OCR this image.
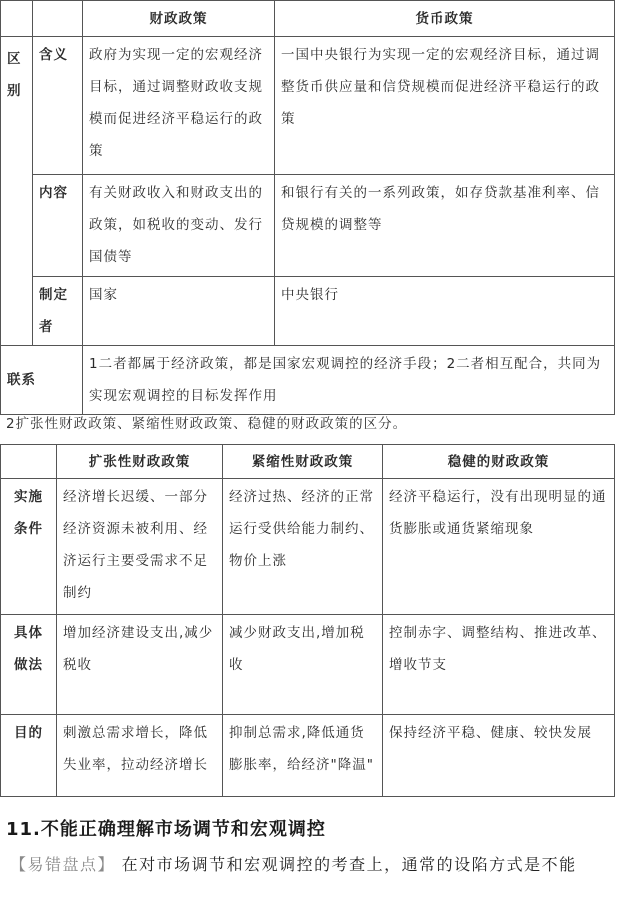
		财政政策	货币政策
区别	含义	政府为实现一定的宏观经济目标，通过调整财政收支规模而促进经济平稳运行的政策	一国中央银行为实现一定的宏观经济目标，通过调整货币供应量和信贷规模而促进经济平稳运行的政策
	内容	有关财政收入和财政支出的政策，如税收的变动、发行国债等	和银行有关的一系列政策，如存贷款基准利率、信贷规模的调整等
	制定者	国家	中央银行
联系		1二者都属于经济政策，都是国家宏观调控的经济手段；2二者相互配合，共同为实现宏观调控的目标发挥作用	
2扩张性财政政策、紧缩性财政政策、稳健的财政政策的区分。
	扩张性财政政策	紧缩性财政政策	稳健的财政政策
实施条件	经济增长迟缓、一部分经济资源未被利用、经济运行主要受需求不足制约	经济过热、经济的正常运行受供给能力制约、物价上涨	经济平稳运行，没有出现明显的通货膨胀或通货紧缩现象
具体做法	增加经济建设支出,减少税收	减少财政支出,增加税收	控制赤字、调整结构、推进改革、增收节支
目的	刺激总需求增长，降低失业率，拉动经济增长	抑制总需求,降低通货膨胀率，给经济"降温"	保持经济平稳、健康、较快发展
11.不能正确理解市场调节和宏观调控
【易错盘点】 在对市场调节和宏观调控的考查上，通常的设陷方式是不能
